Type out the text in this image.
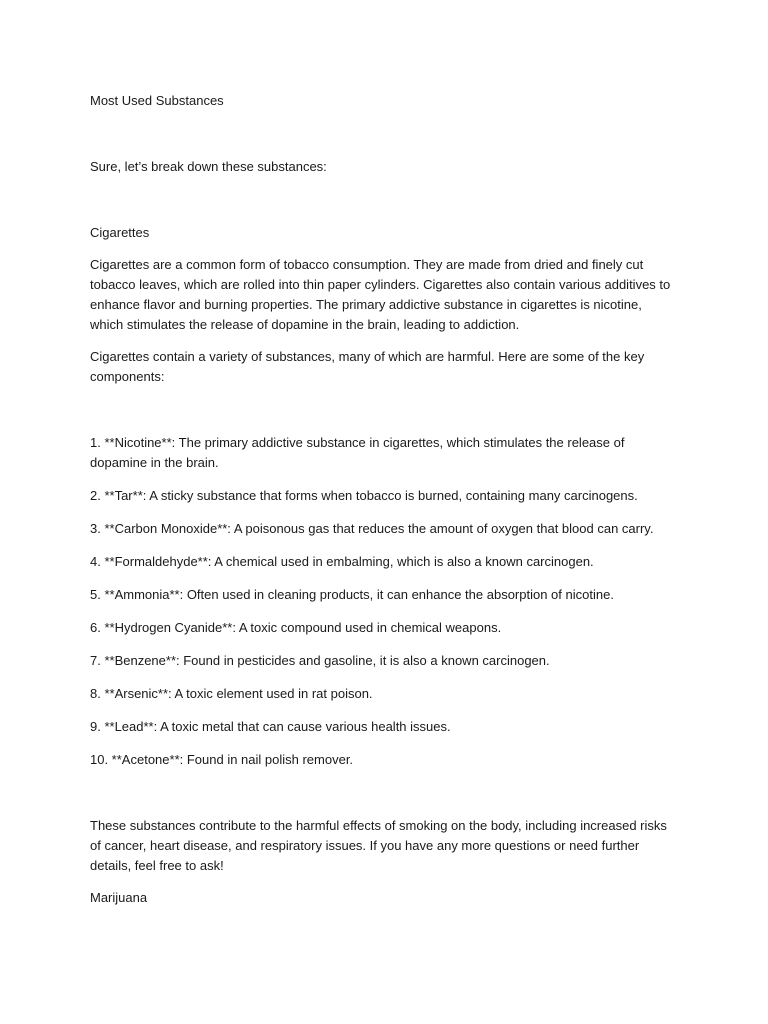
Most Used Substances

Sure, let’s break down these substances:

Cigarettes

Cigarettes are a common form of tobacco consumption. They are made from dried and finely cut tobacco leaves, which are rolled into thin paper cylinders. Cigarettes also contain various additives to enhance flavor and burning properties. The primary addictive substance in cigarettes is nicotine, which stimulates the release of dopamine in the brain, leading to addiction.

Cigarettes contain a variety of substances, many of which are harmful. Here are some of the key components:

1. **Nicotine**: The primary addictive substance in cigarettes, which stimulates the release of dopamine in the brain.
2. **Tar**: A sticky substance that forms when tobacco is burned, containing many carcinogens.
3. **Carbon Monoxide**: A poisonous gas that reduces the amount of oxygen that blood can carry.
4. **Formaldehyde**: A chemical used in embalming, which is also a known carcinogen.
5. **Ammonia**: Often used in cleaning products, it can enhance the absorption of nicotine.
6. **Hydrogen Cyanide**: A toxic compound used in chemical weapons.
7. **Benzene**: Found in pesticides and gasoline, it is also a known carcinogen.
8. **Arsenic**: A toxic element used in rat poison.
9. **Lead**: A toxic metal that can cause various health issues.
10. **Acetone**: Found in nail polish remover.

These substances contribute to the harmful effects of smoking on the body, including increased risks of cancer, heart disease, and respiratory issues. If you have any more questions or need further details, feel free to ask!

Marijuana
